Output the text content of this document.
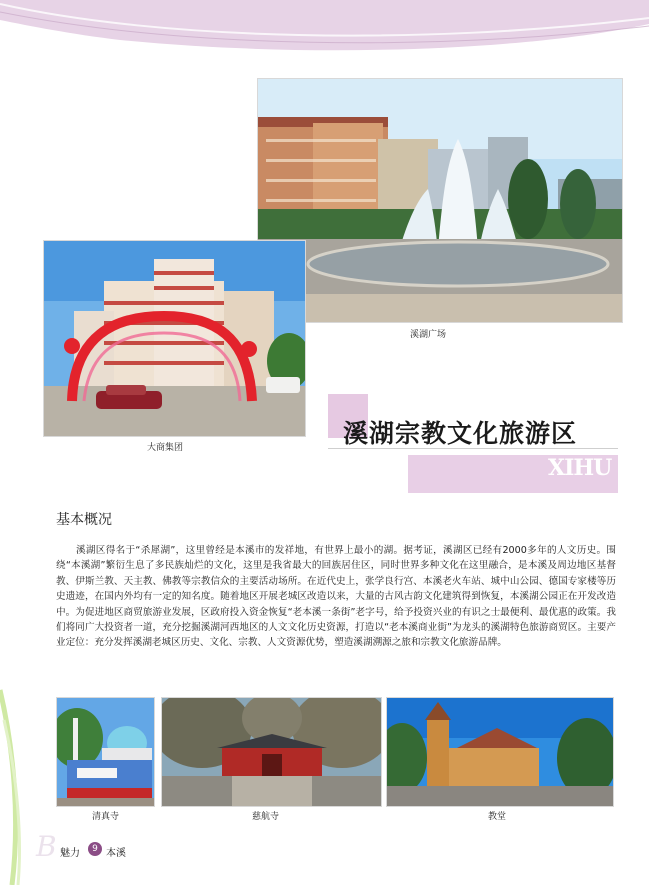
溪湖广场
大商集团	溪湖宗教文化旅游区
XIHU
基本概况
溪湖区得名于“杀犀湖”，这里曾经是本溪市的发祥地，有世界上最小的湖。据考证，溪湖区已经有2000多年的人文历史。围绕“本溪湖”繁衍生息了多民族灿烂的文化，这里是我省最大的回族居住区，同时世界多种文化在这里融合，是本溪及周边地区基督教、伊斯兰教、天主教、佛教等宗教信众的主要活动场所。在近代史上，张学良行宫、本溪老火车站、城中山公园、德国专家楼等历史遗迹，在国内外均有一定的知名度。随着地区开展老城区改造以来，大量的古风古韵文化建筑得到恢复，本溪湖公园正在开发改造中。为促进地区商贸旅游业发展，区政府投入资金恢复“老本溪一条街”老字号，给予投资兴业的有识之士最便利、最优惠的政策。我们将同广大投资者一道，充分挖掘溪湖河西地区的人文文化历史资源，打造以“老本溪商业街”为龙头的溪湖特色旅游商贸区。主要产业定位：充分发挥溪湖老城区历史、文化、宗教、人文资源优势，塑造溪湖溯源之旅和宗教文化旅游品牌。
清真寺	慈航寺	教堂
B 魅力	9 本溪
